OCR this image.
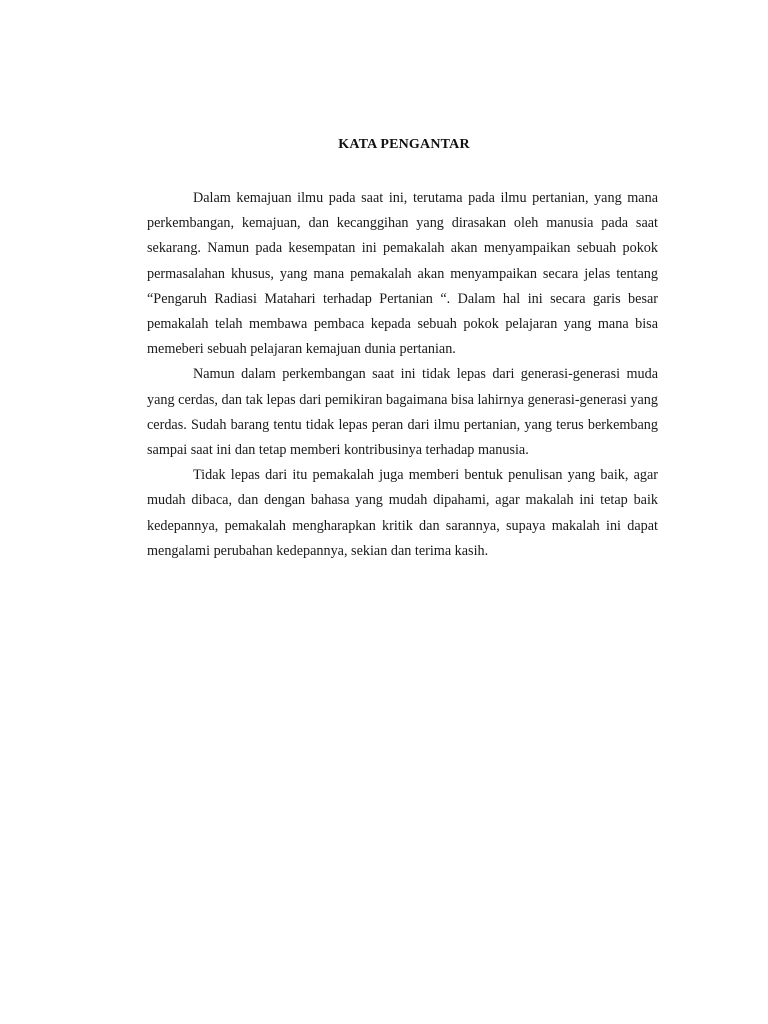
KATA PENGANTAR

Dalam kemajuan ilmu pada saat ini, terutama pada ilmu pertanian, yang mana perkembangan, kemajuan, dan kecanggihan yang dirasakan oleh manusia pada saat sekarang. Namun pada kesempatan ini pemakalah akan menyampaikan sebuah pokok permasalahan khusus, yang mana pemakalah akan menyampaikan secara jelas tentang “Pengaruh Radiasi Matahari terhadap Pertanian “. Dalam hal ini secara garis besar pemakalah telah membawa pembaca kepada sebuah pokok pelajaran yang mana bisa memeberi sebuah pelajaran kemajuan dunia pertanian.

Namun dalam perkembangan saat ini tidak lepas dari generasi-generasi muda yang cerdas, dan tak lepas dari pemikiran bagaimana bisa lahirnya generasi-generasi yang cerdas. Sudah barang tentu tidak lepas peran dari ilmu pertanian, yang terus berkembang sampai saat ini dan tetap memberi kontribusinya terhadap manusia.

Tidak lepas dari itu pemakalah juga memberi bentuk penulisan yang baik, agar mudah dibaca, dan dengan bahasa yang mudah dipahami, agar makalah ini tetap baik kedepannya, pemakalah mengharapkan kritik dan sarannya, supaya makalah ini dapat mengalami perubahan kedepannya, sekian dan terima kasih.
